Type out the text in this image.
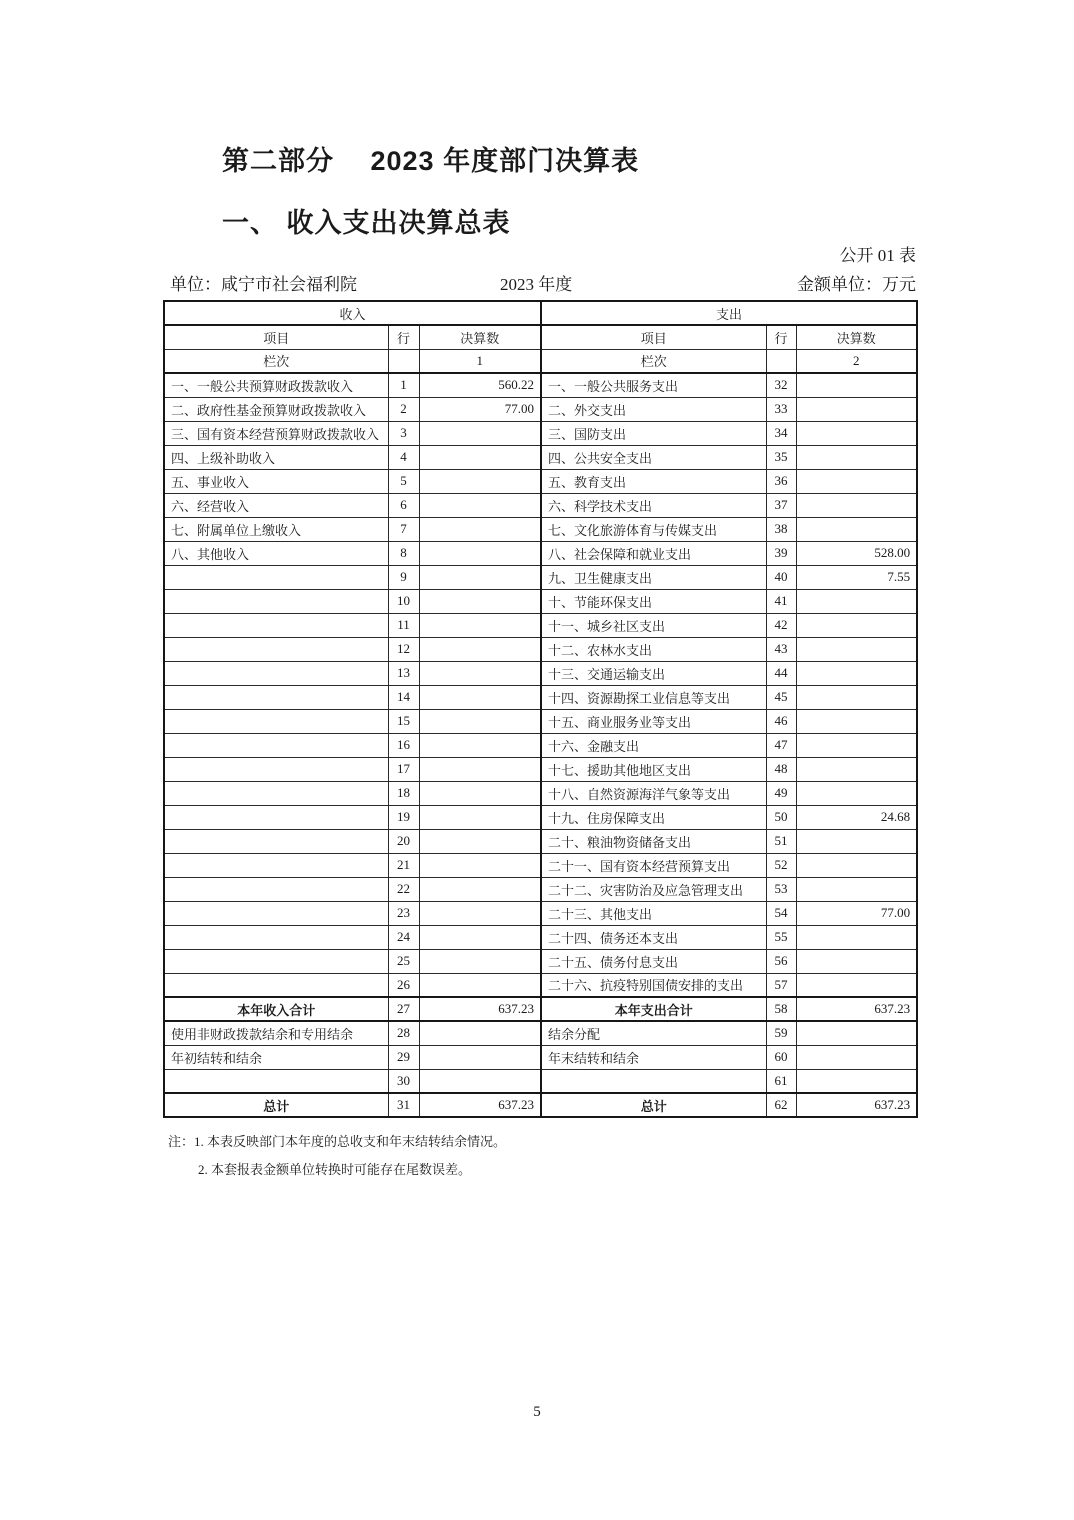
第二部分　 2023 年度部门决算表
一、 收入支出决算总表
公开 01 表
单位：咸宁市社会福利院	2023 年度	金额单位：万元
收入			支出		
项目	行	决算数	项目	行	决算数
栏次		1	栏次		2
一、一般公共预算财政拨款收入	1	560.22	一、一般公共服务支出	32	
二、政府性基金预算财政拨款收入	2	77.00	二、外交支出	33	
三、国有资本经营预算财政拨款收入	3		三、国防支出	34	
四、上级补助收入	4		四、公共安全支出	35	
五、事业收入	5		五、教育支出	36	
六、经营收入	6		六、科学技术支出	37	
七、附属单位上缴收入	7		七、文化旅游体育与传媒支出	38	
八、其他收入	8		八、社会保障和就业支出	39	528.00
	9		九、卫生健康支出	40	7.55
	10		十、节能环保支出	41	
	11		十一、城乡社区支出	42	
	12		十二、农林水支出	43	
	13		十三、交通运输支出	44	
	14		十四、资源勘探工业信息等支出	45	
	15		十五、商业服务业等支出	46	
	16		十六、金融支出	47	
	17		十七、援助其他地区支出	48	
	18		十八、自然资源海洋气象等支出	49	
	19		十九、住房保障支出	50	24.68
	20		二十、粮油物资储备支出	51	
	21		二十一、国有资本经营预算支出	52	
	22		二十二、灾害防治及应急管理支出	53	
	23		二十三、其他支出	54	77.00
	24		二十四、债务还本支出	55	
	25		二十五、债务付息支出	56	
	26		二十六、抗疫特别国债安排的支出	57	
本年收入合计	27	637.23	本年支出合计	58	637.23
使用非财政拨款结余和专用结余	28		结余分配	59	
年初结转和结余	29		年末结转和结余	60	
	30			61	
总计	31	637.23	总计	62	637.23
注：1. 本表反映部门本年度的总收支和年末结转结余情况。
2. 本套报表金额单位转换时可能存在尾数误差。
5
